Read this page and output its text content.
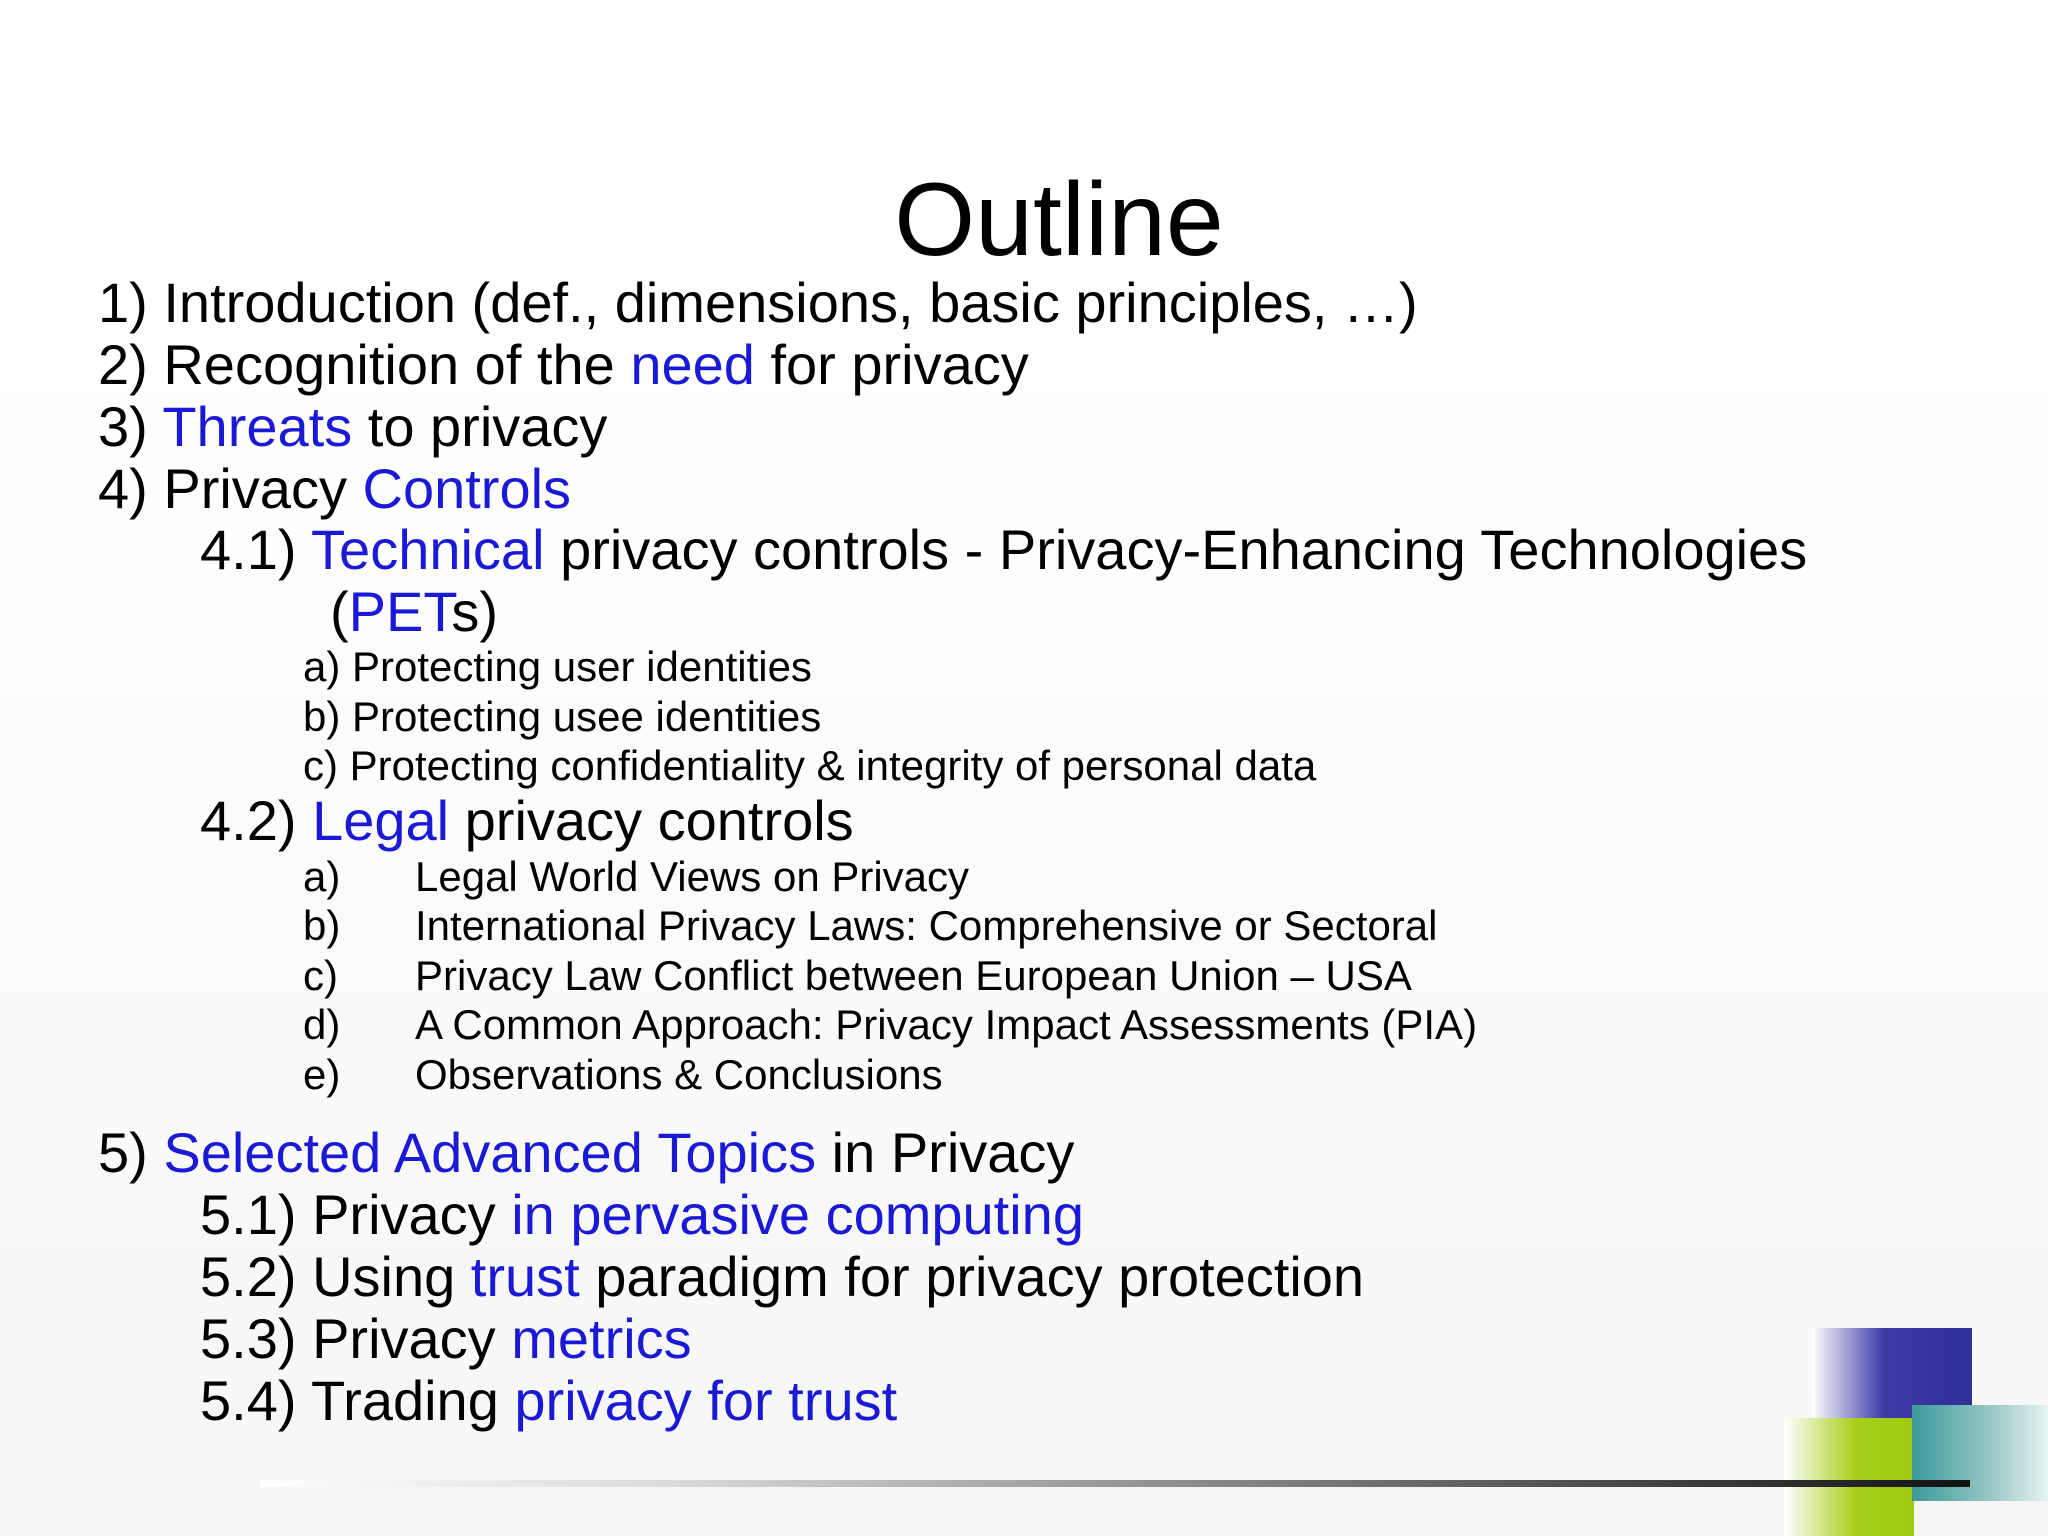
Outline

1) Introduction (def., dimensions, basic principles, …)

2) Recognition of the need for privacy

3) Threats to privacy

4) Privacy Controls

4.1) Technical privacy controls - Privacy-Enhancing Technologies

(PETs)

a) Protecting user identities

b) Protecting usee identities

c) Protecting confidentiality & integrity of personal data

4.2) Legal privacy controls

a) Legal World Views on Privacy

b) International Privacy Laws: Comprehensive or Sectoral

c) Privacy Law Conflict between European Union – USA

d) A Common Approach: Privacy Impact Assessments (PIA)

e) Observations & Conclusions

5) Selected Advanced Topics in Privacy

5.1) Privacy in pervasive computing

5.2) Using trust paradigm for privacy protection

5.3) Privacy metrics

5.4) Trading privacy for trust
